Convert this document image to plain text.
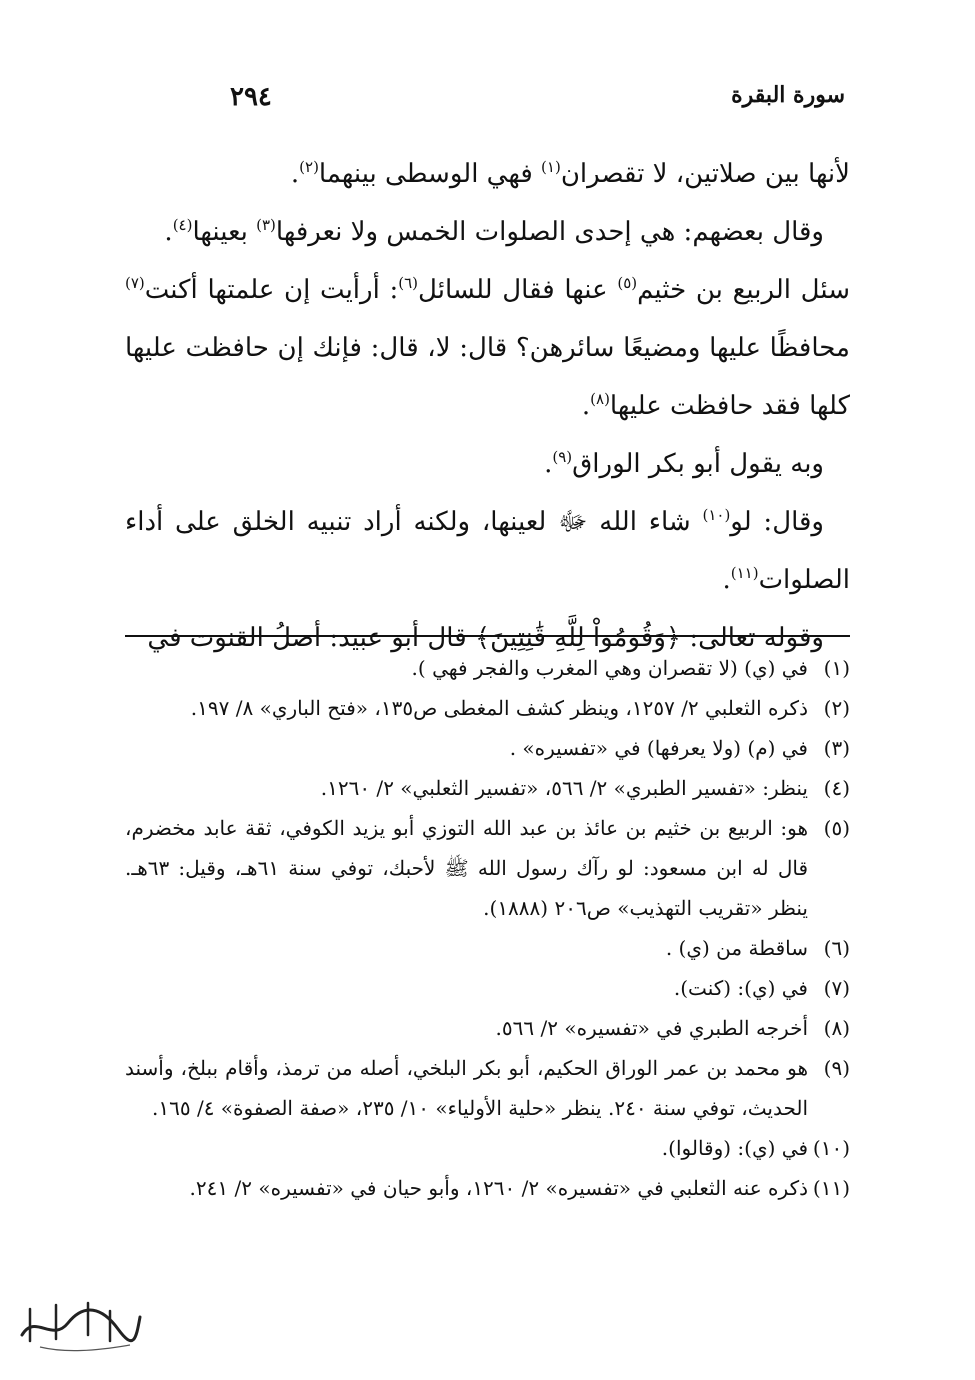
٢٩٤	سورة البقرة

لأنها بين صلاتين، لا تقصران$^{(١)}$ فهي الوسطى بينهما$^{(٢)}$.

وقال بعضهم: هي إحدى الصلوات الخمس ولا نعرفها$^{(٣)}$ بعينها$^{(٤)}$.

سئل الربيع بن خثيم$^{(٥)}$ عنها فقال للسائل$^{(٦)}$: أرأيت إن علمتها أكنت$^{(٧)}$ محافظًا عليها ومضيعًا سائرهن؟ قال: لا، قال: فإنك إن حافظت عليها كلها فقد حافظت عليها$^{(٨)}$.

وبه يقول أبو بكر الوراق$^{(٩)}$.

وقال: لو$^{(١٠)}$ شاء الله ﷻ لعينها، ولكنه أراد تنبيه الخلق على أداء الصلوات$^{(١١)}$.

وقوله تعالى: ﴿وَقُومُواْ لِلَّهِ قَٰنِتِينَ﴾ قال أبو عبيد: أصلُ القنوت في

(١)
في (ي) (لا تقصران وهي المغرب والفجر فهي ).

(٢)
ذكره الثعلبي ٢/ ١٢٥٧، وينظر كشف المغطى ص١٣٥، «فتح الباري» ٨/ ١٩٧.

(٣)
في (م) (ولا يعرفها) في «تفسيره» .

(٤)
ينظر: «تفسير الطبري» ٢/ ٥٦٦، «تفسير الثعلبي» ٢/ ١٢٦٠.

(٥)
هو: الربيع بن خثيم بن عائذ بن عبد الله التوزي أبو يزيد الكوفي، ثقة عابد مخضرم، قال له ابن مسعود: لو رآك رسول الله ﷺ لأحبك، توفي سنة ٦١هـ، وقيل: ٦٣هـ. ينظر «تقريب التهذيب» ص٢٠٦ (١٨٨٨).

(٦)
ساقطة من (ي) .

(٧)
في (ي): (كنت).

(٨)
أخرجه الطبري في «تفسيره» ٢/ ٥٦٦.

(٩)
هو محمد بن عمر الوراق الحكيم، أبو بكر البلخي، أصله من ترمذ، وأقام ببلخ، وأسند الحديث، توفي سنة ٢٤٠. ينظر «حلية الأولياء» ١٠/ ٢٣٥، «صفة الصفوة» ٤/ ١٦٥.

(١٠)
في (ي): (وقالوا).

(١١)
ذكره عنه الثعلبي في «تفسيره» ٢/ ١٢٦٠، وأبو حيان في «تفسيره» ٢/ ٢٤١.
